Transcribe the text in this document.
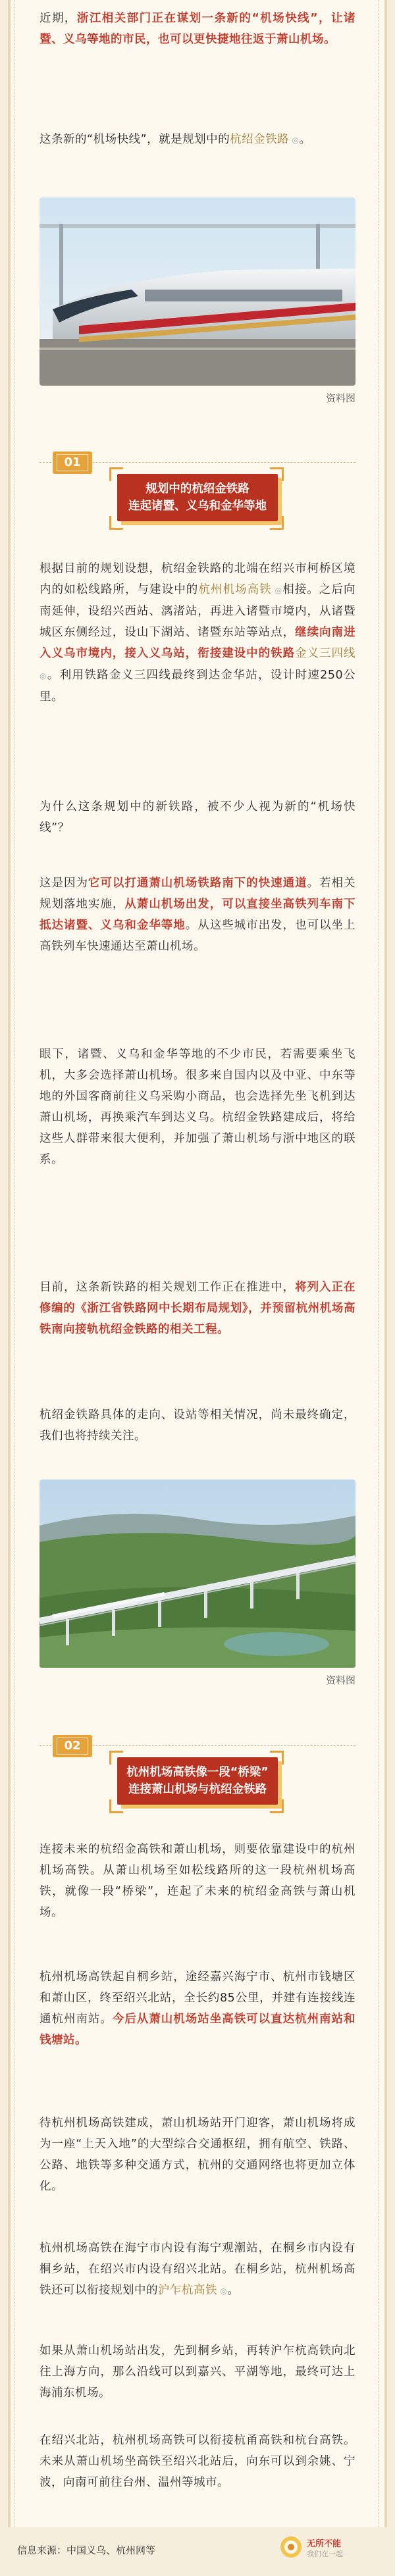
近期，浙江相关部门正在谋划一条新的“机场快线”，让诸暨、义乌等地的市民，也可以更快捷地往返于萧山机场。

这条新的“机场快线”，就是规划中的杭绍金铁路 ◎ 。

资料图

01
规划中的杭绍金铁路
连起诸暨、义乌和金华等地

根据目前的规划设想，杭绍金铁路的北端在绍兴市柯桥区境内的如松线路所，与建设中的杭州机场高铁 ◎ 相接。之后向南延伸，设绍兴西站、漓渚站，再进入诸暨市境内，从诸暨城区东侧经过，设山下湖站、诸暨东站等站点，继续向南进入义乌市境内，接入义乌站，衔接建设中的铁路金义三四线 ◎。利用铁路金义三四线最终到达金华站，设计时速250公里。

为什么这条规划中的新铁路，被不少人视为新的“机场快线”？

这是因为它可以打通萧山机场铁路南下的快速通道。若相关规划落地实施，从萧山机场出发，可以直接坐高铁列车南下抵达诸暨、义乌和金华等地。从这些城市出发，也可以坐上高铁列车快速通达至萧山机场。

眼下，诸暨、义乌和金华等地的不少市民，若需要乘坐飞机，大多会选择萧山机场。很多来自国内以及中亚、中东等地的外国客商前往义乌采购小商品，也会选择先坐飞机到达萧山机场，再换乘汽车到达义乌。杭绍金铁路建成后，将给这些人群带来很大便利，并加强了萧山机场与浙中地区的联系。

目前，这条新铁路的相关规划工作正在推进中，将列入正在修编的《浙江省铁路网中长期布局规划》，并预留杭州机场高铁南向接轨杭绍金铁路的相关工程。

杭绍金铁路具体的走向、设站等相关情况，尚未最终确定，我们也将持续关注。

资料图

02
杭州机场高铁像一段“桥梁”
连接萧山机场与杭绍金铁路

连接未来的杭绍金高铁和萧山机场，则要依靠建设中的杭州机场高铁。从萧山机场至如松线路所的这一段杭州机场高铁，就像一段“桥梁”，连起了未来的杭绍金高铁与萧山机场。

杭州机场高铁起自桐乡站，途经嘉兴海宁市、杭州市钱塘区和萧山区，终至绍兴北站，全长约85公里，并建有连接线连通杭州南站。今后从萧山机场站坐高铁可以直达杭州南站和钱塘站。

待杭州机场高铁建成，萧山机场站开门迎客，萧山机场将成为一座“上天入地”的大型综合交通枢纽，拥有航空、铁路、公路、地铁等多种交通方式，杭州的交通网络也将更加立体化。

杭州机场高铁在海宁市内设有海宁观潮站，在桐乡市内设有桐乡站，在绍兴市内设有绍兴北站。在桐乡站，杭州机场高铁还可以衔接规划中的沪乍杭高铁 ◎ 。

如果从萧山机场站出发，先到桐乡站，再转沪乍杭高铁向北往上海方向，那么沿线可以到嘉兴、平湖等地，最终可达上海浦东机场。

在绍兴北站，杭州机场高铁可以衔接杭甬高铁和杭台高铁。未来从萧山机场坐高铁至绍兴北站后，向东可以到余姚、宁波，向南可前往台州、温州等城市。

信息来源：中国义乌、杭州网等

无所不能
我们在一起
